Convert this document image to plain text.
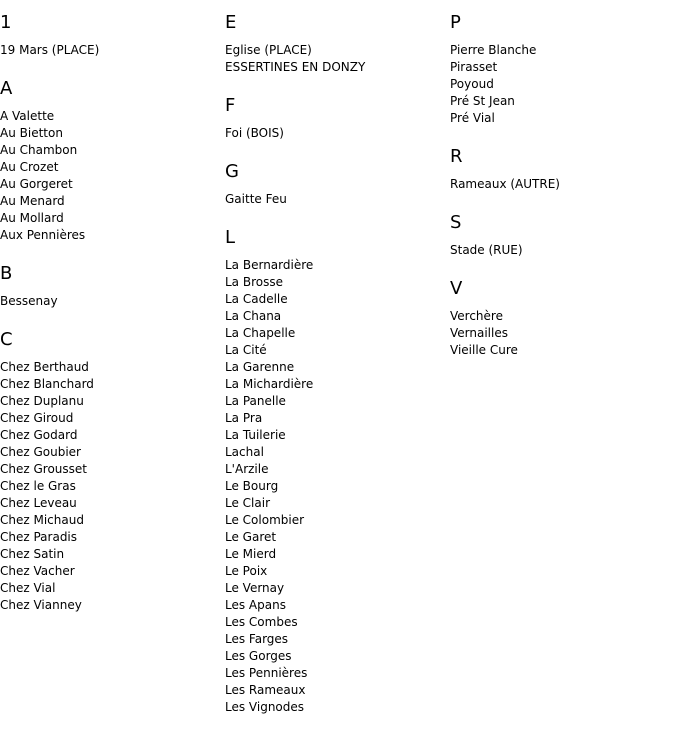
1
19 Mars (PLACE)
A
A Valette
Au Bietton
Au Chambon
Au Crozet
Au Gorgeret
Au Menard
Au Mollard
Aux Pennières
B
Bessenay
C
Chez Berthaud
Chez Blanchard
Chez Duplanu
Chez Giroud
Chez Godard
Chez Goubier
Chez Grousset
Chez le Gras
Chez Leveau
Chez Michaud
Chez Paradis
Chez Satin
Chez Vacher
Chez Vial
Chez Vianney
E
Eglise (PLACE)
ESSERTINES EN DONZY
F
Foi (BOIS)
G
Gaitte Feu
L
La Bernardière
La Brosse
La Cadelle
La Chana
La Chapelle
La Cité
La Garenne
La Michardière
La Panelle
La Pra
La Tuilerie
Lachal
L'Arzile
Le Bourg
Le Clair
Le Colombier
Le Garet
Le Mierd
Le Poix
Le Vernay
Les Apans
Les Combes
Les Farges
Les Gorges
Les Pennières
Les Rameaux
Les Vignodes
P
Pierre Blanche
Pirasset
Poyoud
Pré St Jean
Pré Vial
R
Rameaux (AUTRE)
S
Stade (RUE)
V
Verchère
Vernailles
Vieille Cure
